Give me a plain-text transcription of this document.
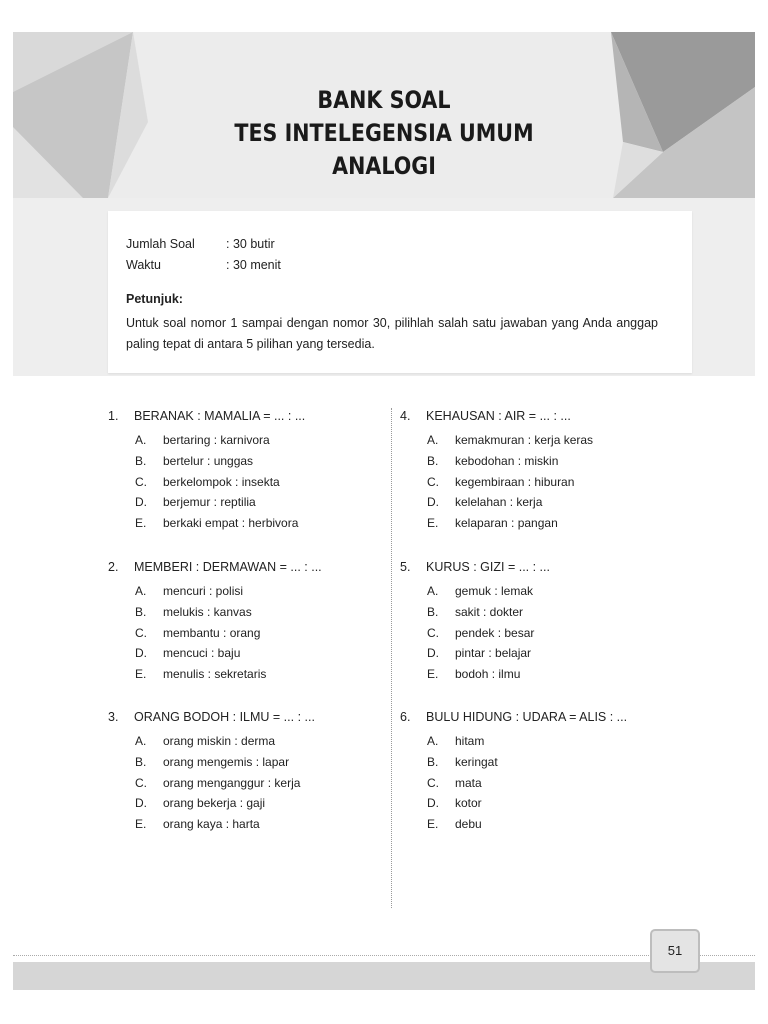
BANK SOAL
TES INTELEGENSIA UMUM
ANALOGI
Jumlah Soal : 30 butir
Waktu	: 30 menit
Petunjuk:
Untuk soal nomor 1 sampai dengan nomor 30, pilihlah salah satu jawaban yang Anda anggap paling tepat di antara 5 pilihan yang tersedia.
1. BERANAK : MAMALIA = ... : ...
A. bertaring : karnivora
B. bertelur : unggas
C. berkelompok : insekta
D. berjemur : reptilia
E. berkaki empat : herbivora
2. MEMBERI : DERMAWAN = ... : ...
A. mencuri : polisi
B. melukis : kanvas
C. membantu : orang
D. mencuci : baju
E. menulis : sekretaris
3. ORANG BODOH : ILMU = ... : ...
A. orang miskin : derma
B. orang mengemis : lapar
C. orang menganggur : kerja
D. orang bekerja : gaji
E. orang kaya : harta
4. KEHAUSAN : AIR = ... : ...
A. kemakmuran : kerja keras
B. kebodohan : miskin
C. kegembiraan : hiburan
D. kelelahan : kerja
E. kelaparan : pangan
5. KURUS : GIZI = ... : ...
A. gemuk : lemak
B. sakit : dokter
C. pendek : besar
D. pintar : belajar
E. bodoh : ilmu
6. BULU HIDUNG : UDARA = ALIS : ...
A. hitam
B. keringat
C. mata
D. kotor
E. debu
51
